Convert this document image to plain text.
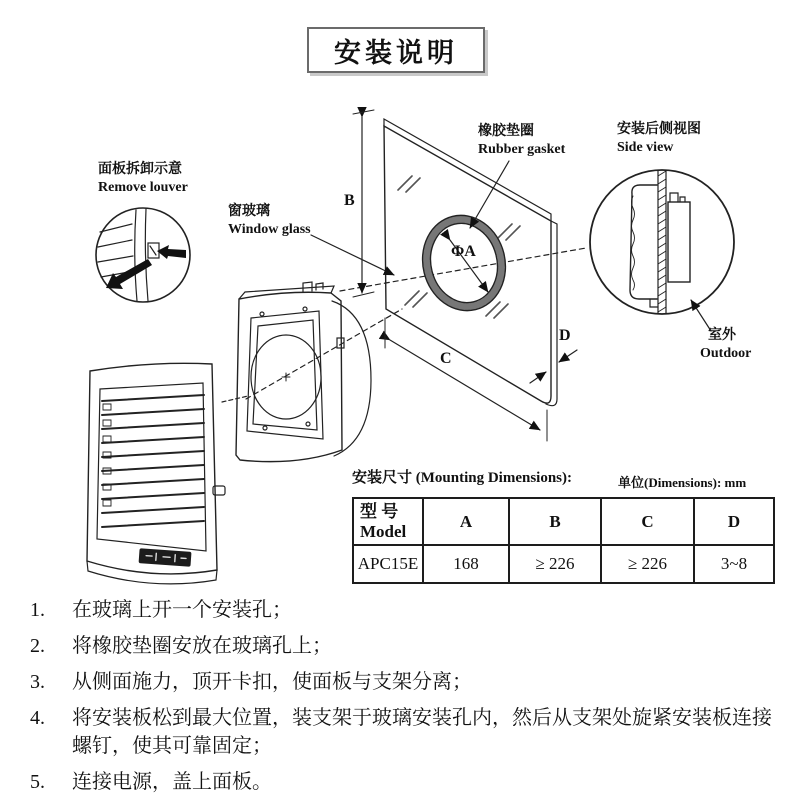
安装说明
面板拆卸示意
Remove louver
窗玻璃
Window glass
橡胶垫圈
Rubber gasket
安装后侧视图
Side view
室外
Outdoor
ΦA
B
C
D
安装尺寸 (Mounting Dimensions):	单位(Dimensions): mm
型 号
Model	A	B	C	D
APC15E	168	≥ 226	≥ 226	3~8
1.	在玻璃上开一个安装孔；
2.	将橡胶垫圈安放在玻璃孔上；
3.	从侧面施力，顶开卡扣，使面板与支架分离；
4.	将安装板松到最大位置，装支架于玻璃安装孔内，然后从支架处旋紧安装板连接螺钉，使其可靠固定；
5.	连接电源，盖上面板。
